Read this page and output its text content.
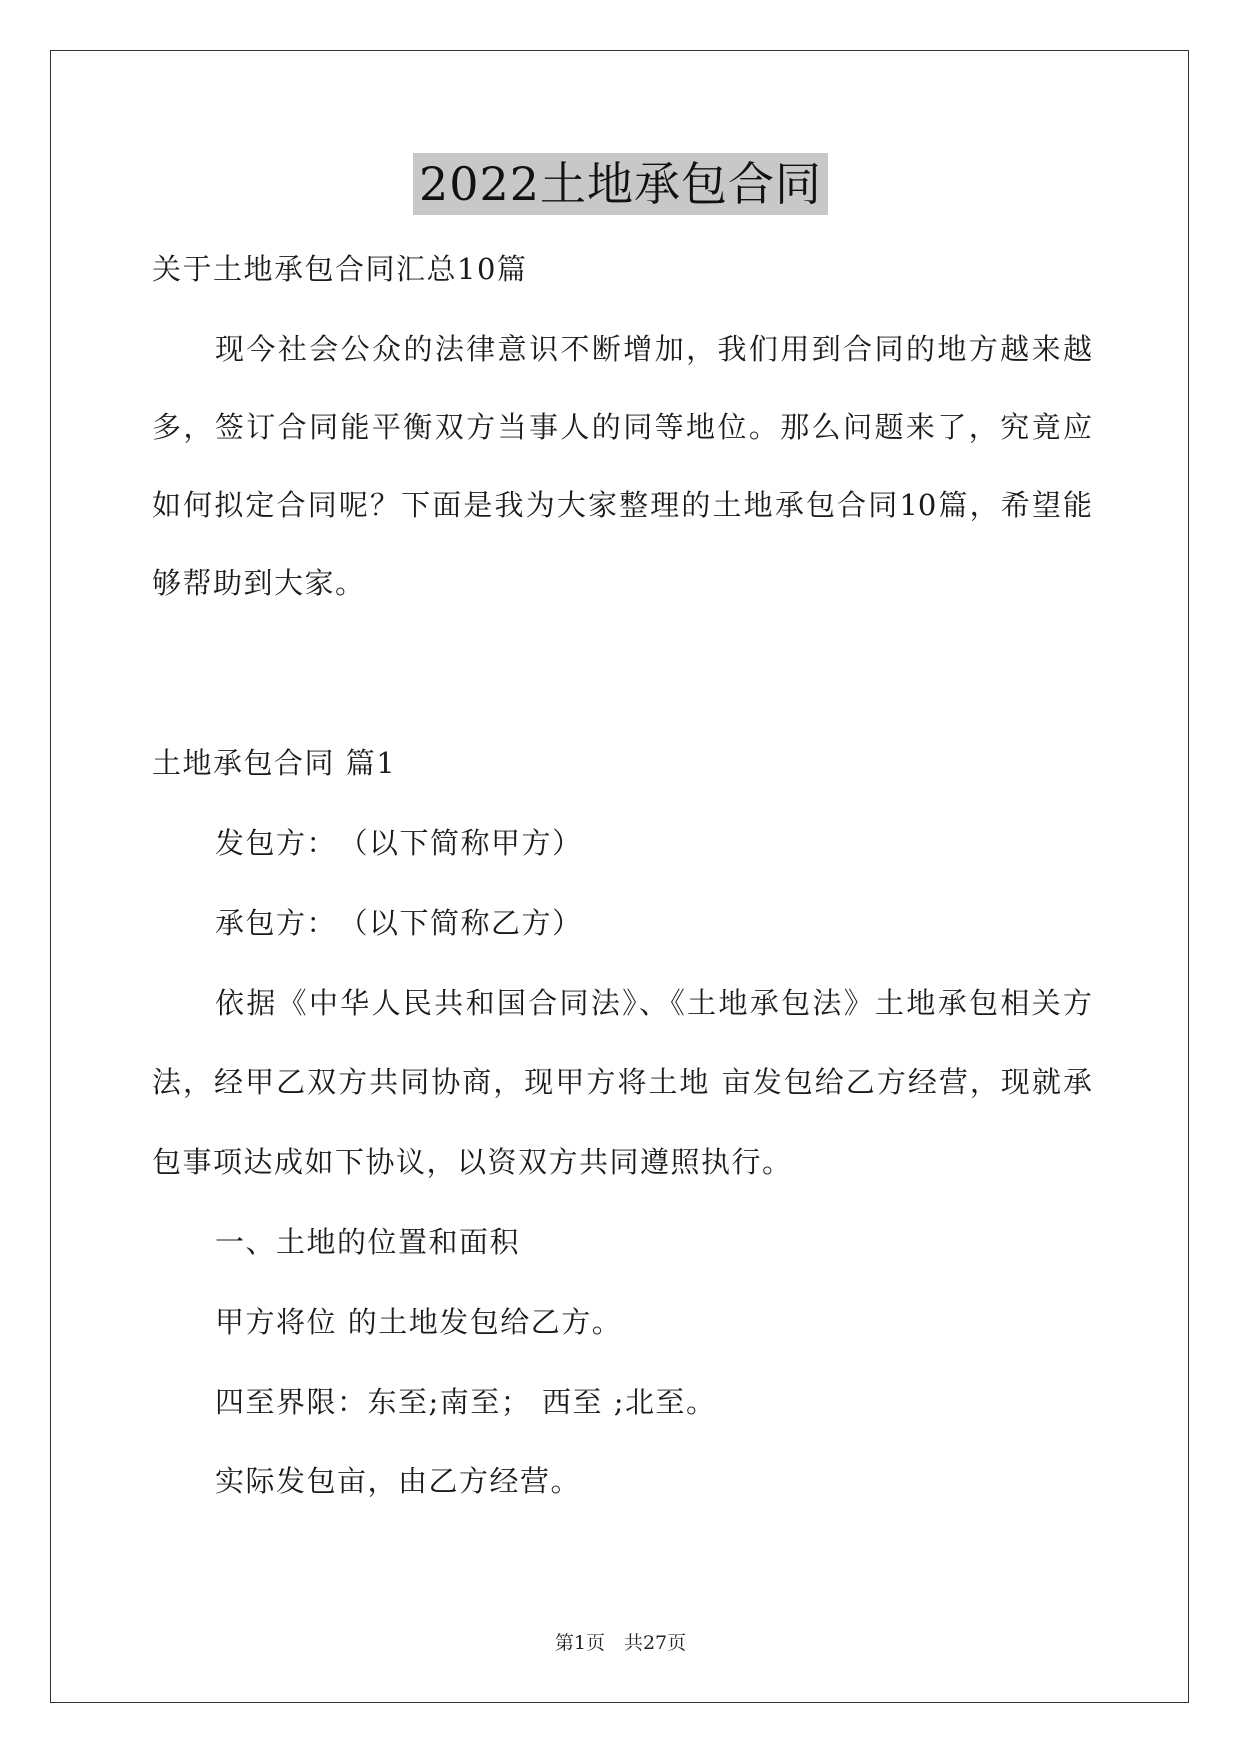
2022土地承包合同
关于土地承包合同汇总10篇
现今社会公众的法律意识不断增加，我们用到合同的地方越来越
多，签订合同能平衡双方当事人的同等地位。那么问题来了，究竟应
如何拟定合同呢？下面是我为大家整理的土地承包合同10篇，希望能
够帮助到大家。
土地承包合同 篇1
发包方：　（以下简称甲方）
承包方：　（以下简称乙方）
依据《中华人民共和国合同法》、《土地承包法》土地承包相关方
法，经甲乙双方共同协商，现甲方将土地 亩发包给乙方经营，现就承
包事项达成如下协议，以资双方共同遵照执行。
一、土地的位置和面积
甲方将位 的土地发包给乙方。
四至界限：东至;南至； 西至 ;北至。
实际发包亩，由乙方经营。
第1页　共27页
